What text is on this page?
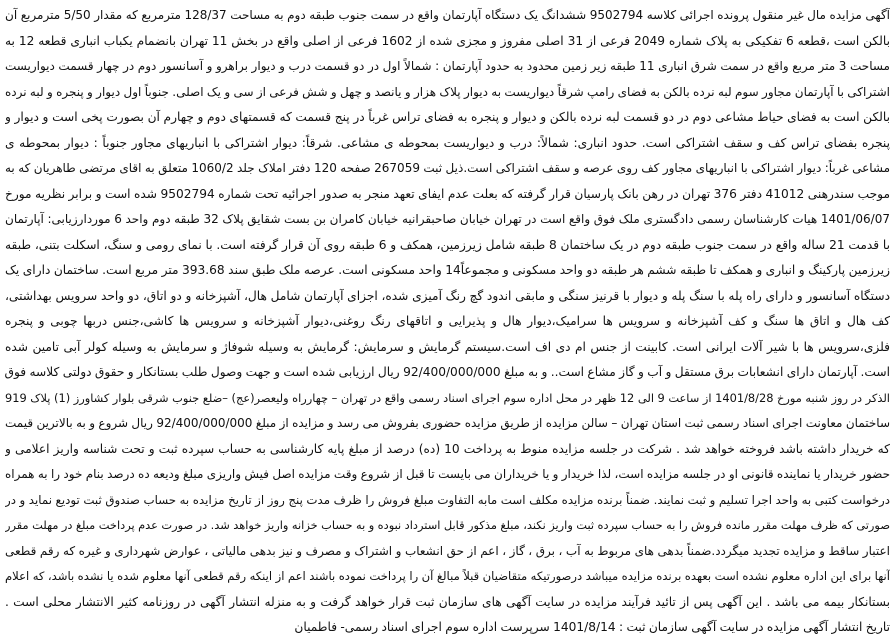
آگهی مزایده مال غیر منقول پرونده اجرائی کلاسه 9502794 ششدانگ یک دستگاه آپارتمان واقع در سمت جنوب طبقه دوم به مساحت 128/37 مترمربع که مقدار 5/50 مترمربع آن
بالکن است ،قطعه 6 تفکیکی به پلاک شماره 2049 فرعی از 31 اصلی مفروز و مجزی شده از 1602 فرعی از اصلی واقع در بخش 11 تهران بانضمام یکباب انباری قطعه 12 به
مساحت 3 متر مربع واقع در سمت شرق انباری 11 طبقه زیر زمین محدود به حدود آپارتمان : شمالاً اول در دو قسمت درب و دیوار براهرو و آسانسور دوم در چهار قسمت دیواریست
اشتراکی با آپارتمان مجاور سوم لبه نرده بالکن به فضای رامپ شرقاً دیواریست به دیوار پلاک هزار و یانصد و چهل و شش فرعی از سی و یک اصلی. جنوباً اول دیوار و پنجره و لبه نرده
بالکن است به فضای حیاط مشاعی دوم در دو قسمت لبه نرده بالکن و دیوار و پنجره به فضای تراس غرباً در پنج قسمت که قسمتهای دوم و چهارم آن بصورت پخی است و دیوار و
پنجره بفضای تراس کف و سقف اشتراکی است. حدود انباری: شمالاً: درب و دیواریست بمحوطه ی مشاعی. شرقاً: دیوار اشتراکی با انباریهای مجاور جنوباً : دیوار بمحوطه ی
مشاعی غرباً: دیوار اشتراکی با انباریهای مجاور کف روی عرصه و سقف اشتراکی است.ذیل ثبت 267059 صفحه 120 دفتر املاک جلد 1060/2 متعلق به اقای مرتضی طاهریان که به
موجب سندرهنی 41012 دفتر 376 تهران در رهن بانک پارسیان قرار گرفته که بعلت عدم ایفای تعهد منجر به صدور اجرائیه تحت شماره 9502794 شده است و برابر نظریه مورخ
1401/06/07 هیات کارشناسان رسمی دادگستری ملک فوق واقع است در تهران خیابان صاحبقرانیه خیابان کامران بن بست شقایق پلاک 32 طبقه دوم واحد 6 موردارزیابی: آپارتمان
با قدمت 21 ساله واقع در سمت جنوب طبقه دوم در یک ساختمان 8 طبقه شامل زیرزمین، همکف و 6 طبقه روی آن قرار گرفته است. با نمای رومی و سنگ، اسکلت بتنی، طبقه
زیرزمین پارکینگ و انباری و همکف تا طبقه ششم هر طبقه دو واحد مسکونی و مجموعاً14 واحد مسکونی است. عرصه ملک طبق سند 393.68 متر مربع است. ساختمان دارای یک
دستگاه آسانسور و دارای راه پله با سنگ پله و دیوار با قرنیز سنگی و مابقی اندود گچ رنگ آمیزی شده، اجزای آپارتمان شامل هال، آشپزخانه و دو اتاق، دو واحد سرویس بهداشتی،
کف هال و اتاق ها سنگ و کف آشپزخانه و سرویس ها سرامیک،دیوار هال و پذیرایی و اتاقهای رنگ روغنی،دیوار آشپزخانه و سرویس ها کاشی،جنس دربها چوبی و پنجره
فلزی،سرویس ها با شیر آلات ایرانی است. کابینت از جنس ام دی اف است.سیستم گرمایش و سرمایش: گرمایش به وسیله شوفاژ و سرمایش به وسیله کولر آبی تامین شده
است. آپارتمان دارای انشعابات برق مستقل و آب و گاز مشاع است.. و به مبلغ 92/400/000/000 ریال ارزیابی شده است و جهت وصول طلب بستانکار و حقوق دولتی کلاسه فوق
الذکر در روز شنبه مورخ 1401/8/28 از ساعت 9 الی 12 ظهر در محل اداره سوم اجرای اسناد رسمی واقع در تهران – چهارراه ولیعصر(عج) –ضلع جنوب شرقی بلوار کشاورز (1) پلاک 919
ساختمان معاونت اجرای اسناد رسمی ثبت استان تهران – سالن مزایده از طریق مزایده حضوری بفروش می رسد و مزایده از مبلغ 92/400/000/000 ریال شروع و به بالاترین قیمت
که خریدار داشته باشد فروخته خواهد شد . شرکت در جلسه مزایده منوط به پرداخت 10 (ده) درصد از مبلغ پایه کارشناسی به حساب سپرده ثبت و تحت شناسه واریز اعلامی و
حضور خریدار یا نماینده قانونی او در جلسه مزایده است، لذا خریدار و یا خریداران می بایست تا قبل از شروع وقت مزایده اصل فیش واریزی مبلغ ودیعه ده درصد بنام خود را به همراه
درخواست کتبی به واحد اجرا تسلیم و ثبت نمایند. ضمناً برنده مزایده مکلف است مابه التفاوت مبلغ فروش را ظرف مدت پنج روز از تاریخ مزایده به حساب صندوق ثبت تودیع نماید و در
صورتی که ظرف مهلت مقرر مانده فروش را به حساب سپرده ثبت واریز نکند، مبلغ مذکور قابل استرداد نبوده و به حساب خزانه واریز خواهد شد. در صورت عدم پرداخت مبلغ در مهلت مقرر
اعتبار ساقط و مزایده تجدید میگردد.ضمناً بدهی های مربوط به آب ، برق ، گاز ، اعم از حق انشعاب و اشتراک و مصرف و نیز بدهی مالیاتی ، عوارض شهرداری و غیره که رقم قطعی
آنها برای این اداره معلوم نشده است بعهده برنده مزایده میباشد درصورتیکه متقاضیان قبلاً مبالغ آن را پرداخت نموده باشند اعم از اینکه رقم قطعی آنها معلوم شده یا نشده باشد، که اعلام
بستانکار بیمه می باشد . این آگهی پس از تائید فرآیند مزایده در سایت آگهی های سازمان ثبت قرار خواهد گرفت و به منزله انتشار آگهی در روزنامه کثیر الانتشار محلی است .
تاریخ انتشار آگهی مزایده در سایت آگهی سازمان ثبت : 1401/8/14 سرپرست اداره سوم اجرای اسناد رسمی- فاطمیان
